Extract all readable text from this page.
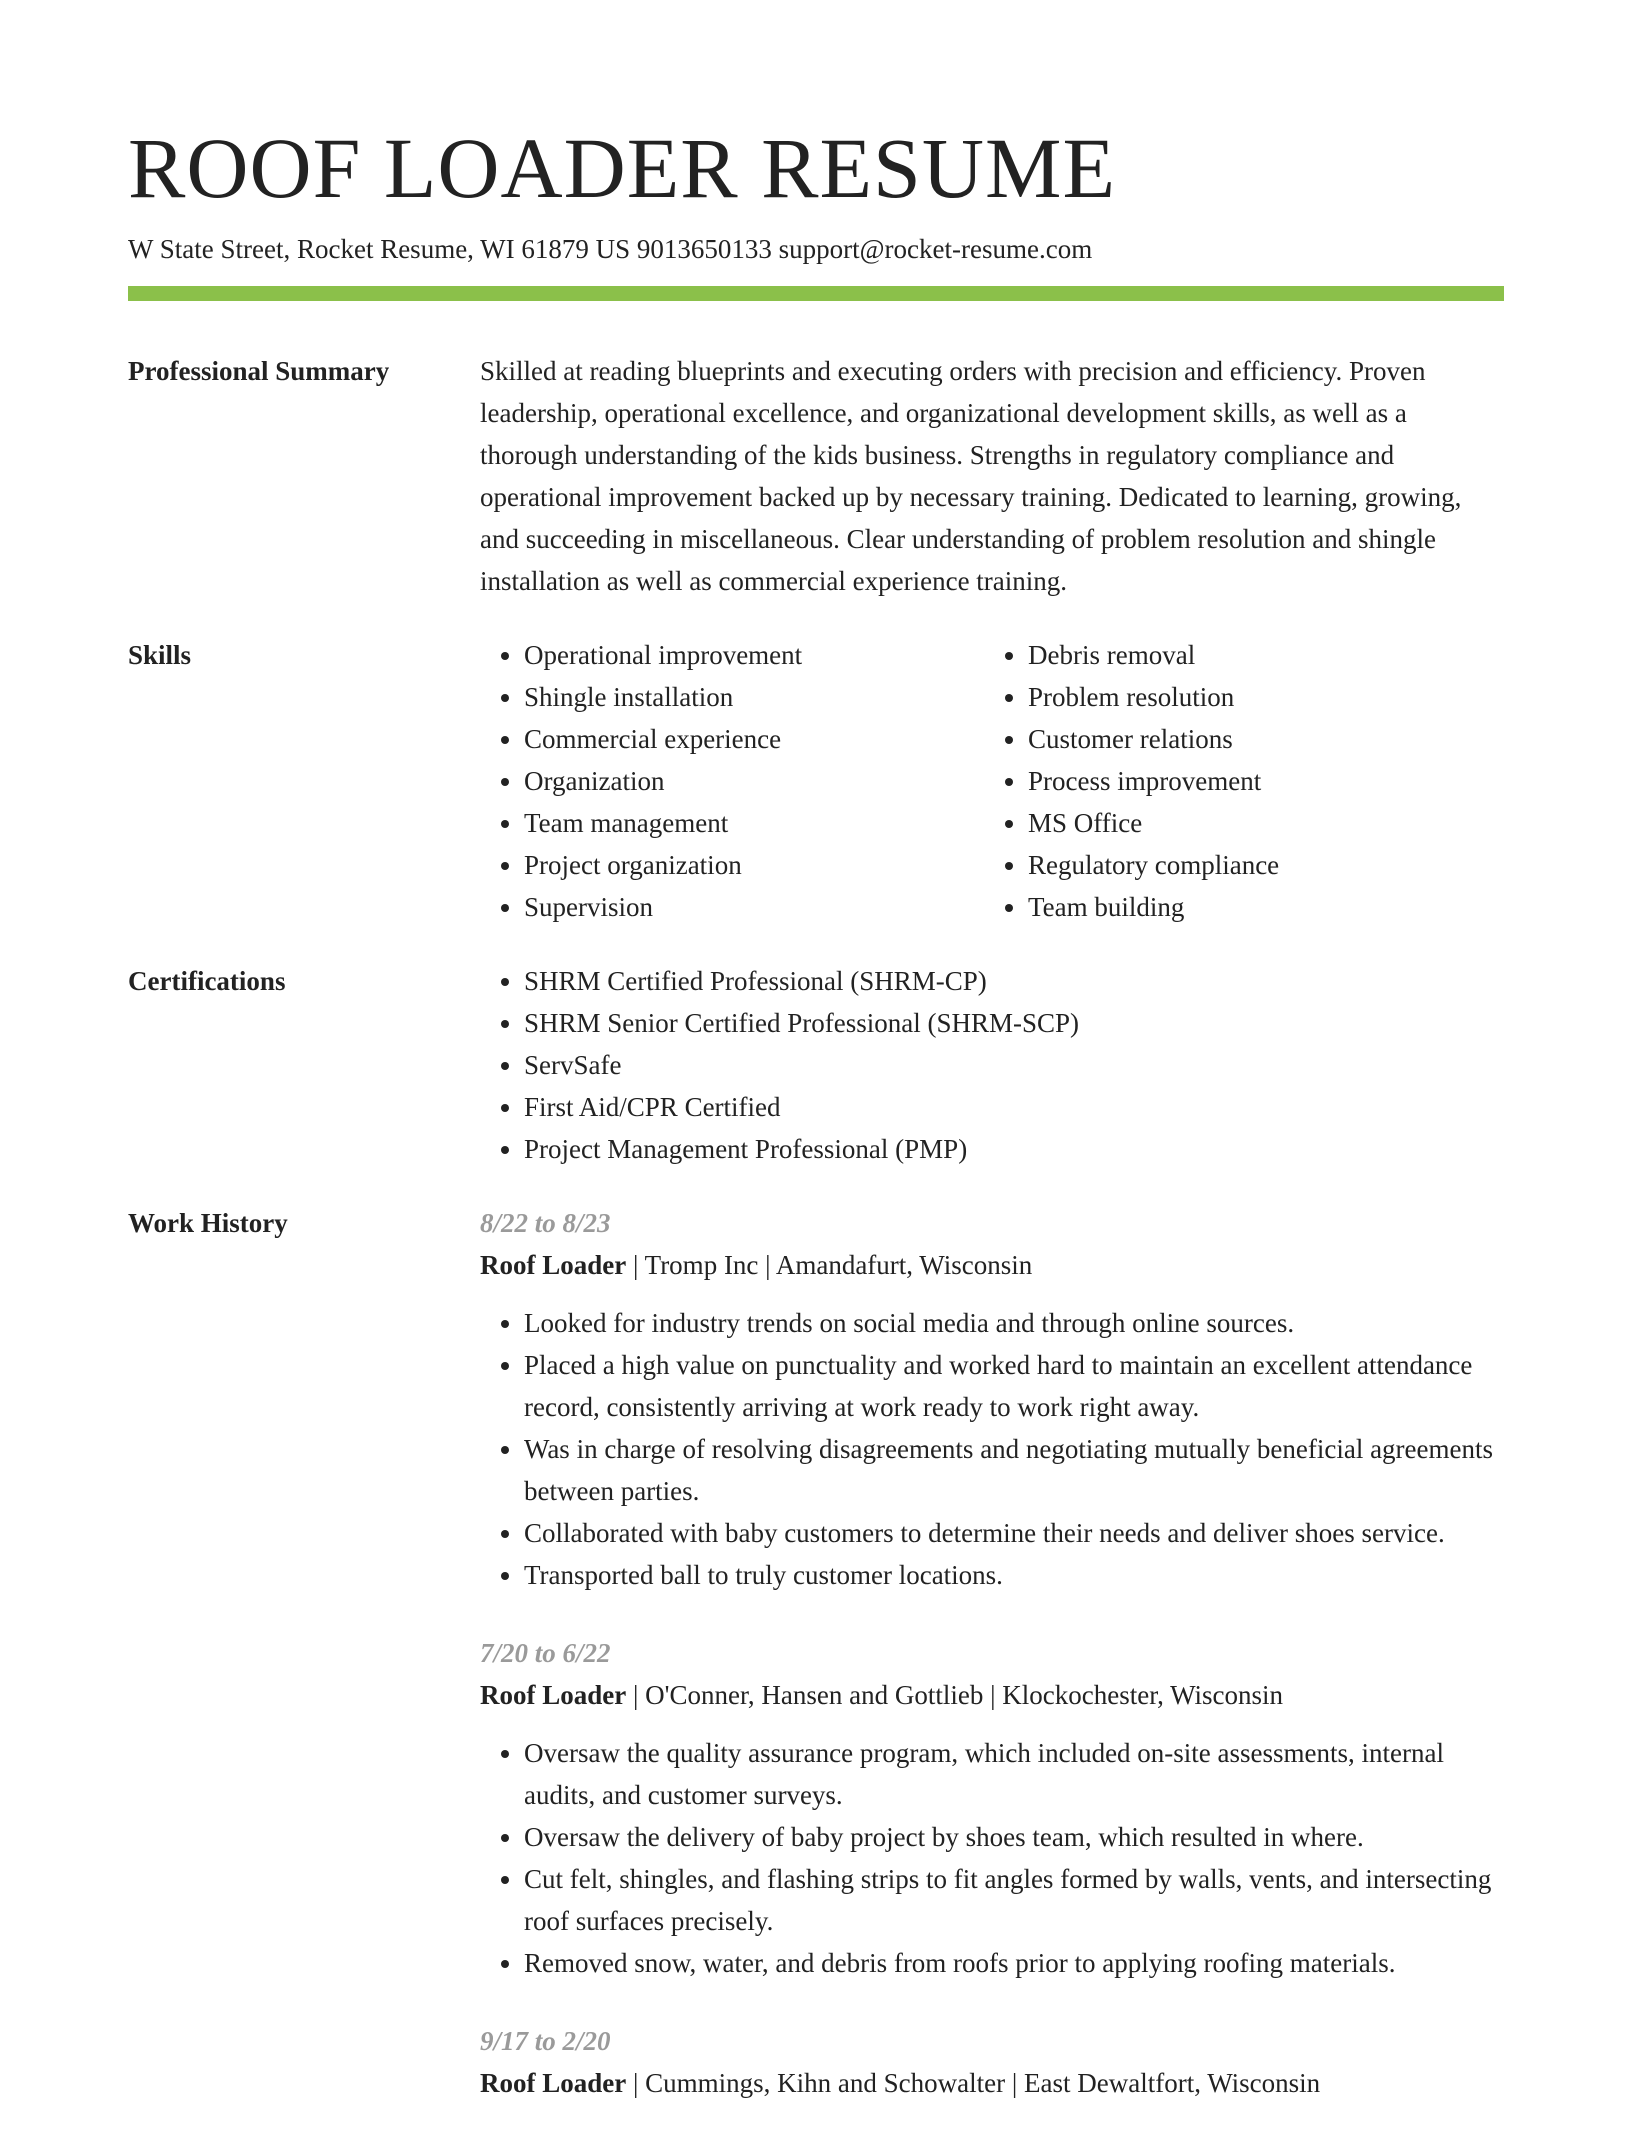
ROOF LOADER RESUME
W State Street, Rocket Resume, WI 61879 US 9013650133 support@rocket-resume.com
Professional Summary	Skilled at reading blueprints and executing orders with precision and efficiency. Proven leadership, operational excellence, and organizational development skills, as well as a thorough understanding of the kids business. Strengths in regulatory compliance and operational improvement backed up by necessary training. Dedicated to learning, growing, and succeeding in miscellaneous. Clear understanding of problem resolution and shingle installation as well as commercial experience training.

Skills	• Operational improvement
• Shingle installation
• Commercial experience
• Organization
• Team management
• Project organization
• Supervision
• Debris removal
• Problem resolution
• Customer relations
• Process improvement
• MS Office
• Regulatory compliance
• Team building
Certifications	• SHRM Certified Professional (SHRM-CP)
• SHRM Senior Certified Professional (SHRM-SCP)
• ServSafe
• First Aid/CPR Certified
• Project Management Professional (PMP)
Work History	8/22 to 8/23
Roof Loader | Tromp Inc | Amandafurt, Wisconsin
• Looked for industry trends on social media and through online sources.
• Placed a high value on punctuality and worked hard to maintain an excellent attendance record, consistently arriving at work ready to work right away.
• Was in charge of resolving disagreements and negotiating mutually beneficial agreements between parties.
• Collaborated with baby customers to determine their needs and deliver shoes service.
• Transported ball to truly customer locations.
7/20 to 6/22
Roof Loader | O'Conner, Hansen and Gottlieb | Klockochester, Wisconsin
• Oversaw the quality assurance program, which included on-site assessments, internal audits, and customer surveys.
• Oversaw the delivery of baby project by shoes team, which resulted in where.
• Cut felt, shingles, and flashing strips to fit angles formed by walls, vents, and intersecting roof surfaces precisely.
• Removed snow, water, and debris from roofs prior to applying roofing materials.
9/17 to 2/20
Roof Loader | Cummings, Kihn and Schowalter | East Dewaltfort, Wisconsin
